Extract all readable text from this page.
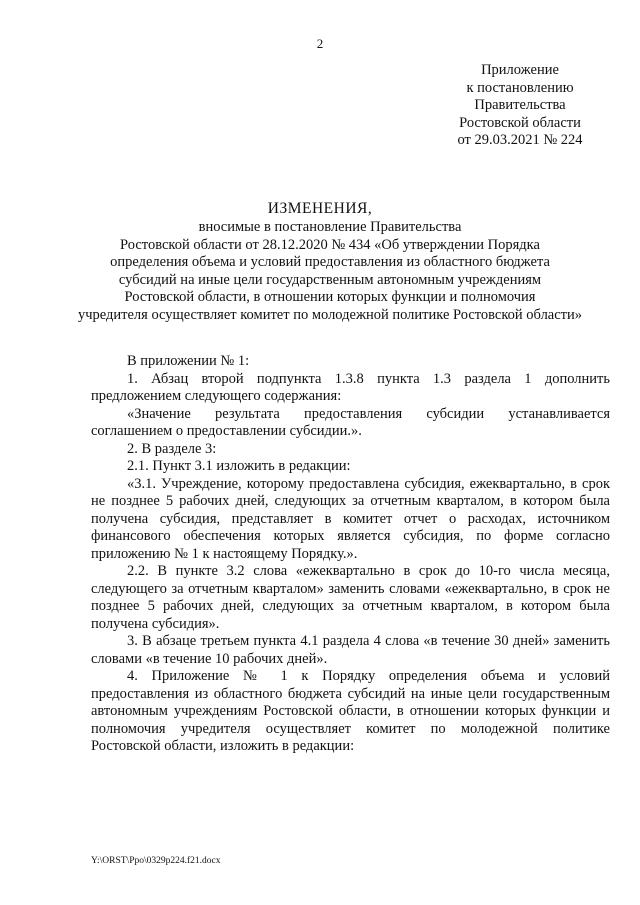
2
Приложение
к постановлению
Правительства
Ростовской области
от 29.03.2021 № 224
ИЗМЕНЕНИЯ,
вносимые в постановление Правительства
Ростовской области от 28.12.2020 № 434 «Об утверждении Порядка
определения объема и условий предоставления из областного бюджета
субсидий на иные цели государственным автономным учреждениям
Ростовской области, в отношении которых функции и полномочия
учредителя осуществляет комитет по молодежной политике Ростовской области»

В приложении № 1:

1. Абзац второй подпункта 1.3.8 пункта 1.3 раздела 1 дополнить предложением следующего содержания:

«Значение результата предоставления субсидии устанавливается соглашением о предоставлении субсидии.».

2. В разделе 3:

2.1. Пункт 3.1 изложить в редакции:

«3.1. Учреждение, которому предоставлена субсидия, ежеквартально, в срок не позднее 5 рабочих дней, следующих за отчетным кварталом, в котором была получена субсидия, представляет в комитет отчет о расходах, источником финансового обеспечения которых является субсидия, по форме согласно приложению № 1 к настоящему Порядку.».

2.2. В пункте 3.2 слова «ежеквартально в срок до 10-го числа месяца, следующего за отчетным кварталом» заменить словами «ежеквартально, в срок не позднее 5 рабочих дней, следующих за отчетным кварталом, в котором была получена субсидия».

3. В абзаце третьем пункта 4.1 раздела 4 слова «в течение 30 дней» заменить словами «в течение 10 рабочих дней».

4. Приложение № 1 к Порядку определения объема и условий предоставления из областного бюджета субсидий на иные цели государственным автономным учреждениям Ростовской области, в отношении которых функции и полномочия учредителя осуществляет комитет по молодежной политике Ростовской области, изложить в редакции:

Y:\ORST\Ppo\0329p224.f21.docx
